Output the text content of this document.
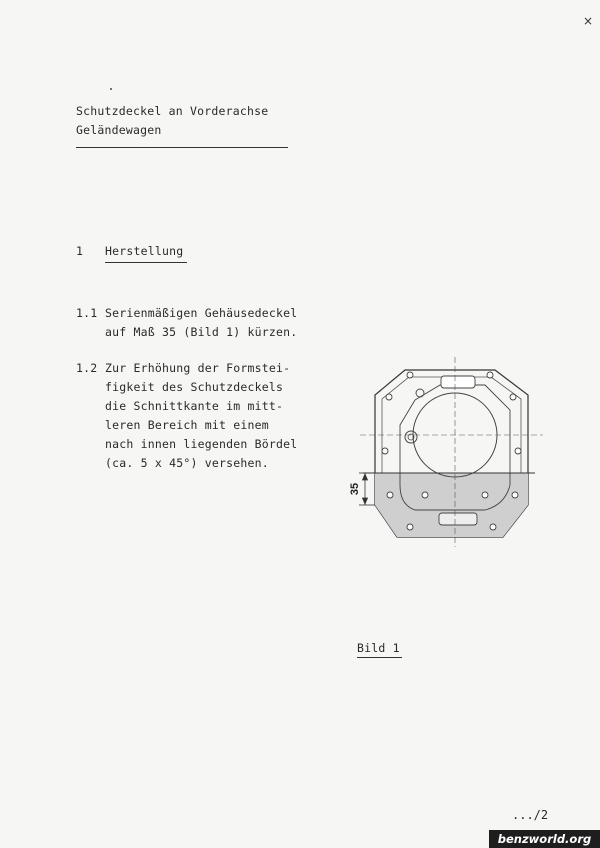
×
Schutzdeckel an Vorderachse
Geländewagen
1 Herstellung
1.1 Serienmäßigen Gehäusedeckel
auf Maß 35 (Bild 1) kürzen.
1.2 Zur Erhöhung der Formstei-
figkeit des Schutzdeckels
die Schnittkante im mitt-
leren Bereich mit einem
nach innen liegenden Bördel
(ca. 5 x 45°) versehen.
35
Bild 1
.../2
benzworld.org
